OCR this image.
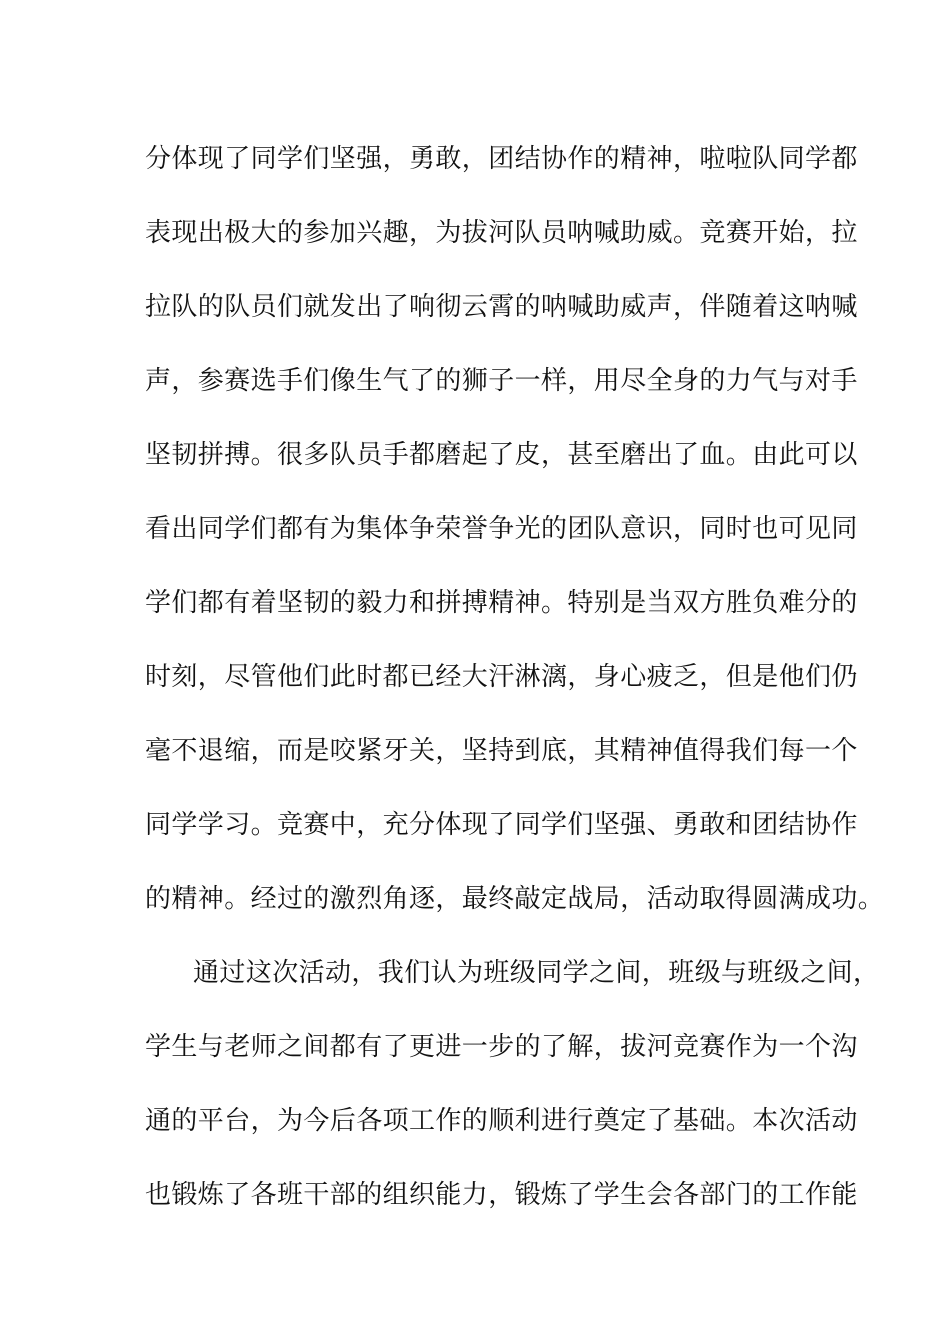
分体现了同学们坚强，勇敢，团结协作的精神，啦啦队同学都
表现出极大的参加兴趣，为拔河队员呐喊助威。竞赛开始，拉
拉队的队员们就发出了响彻云霄的呐喊助威声，伴随着这呐喊
声，参赛选手们像生气了的狮子一样，用尽全身的力气与对手
坚韧拼搏。很多队员手都磨起了皮，甚至磨出了血。由此可以
看出同学们都有为集体争荣誉争光的团队意识，同时也可见同
学们都有着坚韧的毅力和拼搏精神。特别是当双方胜负难分的
时刻，尽管他们此时都已经大汗淋漓，身心疲乏，但是他们仍
毫不退缩，而是咬紧牙关，坚持到底，其精神值得我们每一个
同学学习。竞赛中，充分体现了同学们坚强、勇敢和团结协作
的精神。经过的激烈角逐，最终敲定战局，活动取得圆满成功。
通过这次活动，我们认为班级同学之间，班级与班级之间，
学生与老师之间都有了更进一步的了解，拔河竞赛作为一个沟
通的平台，为今后各项工作的顺利进行奠定了基础。本次活动
也锻炼了各班干部的组织能力，锻炼了学生会各部门的工作能
